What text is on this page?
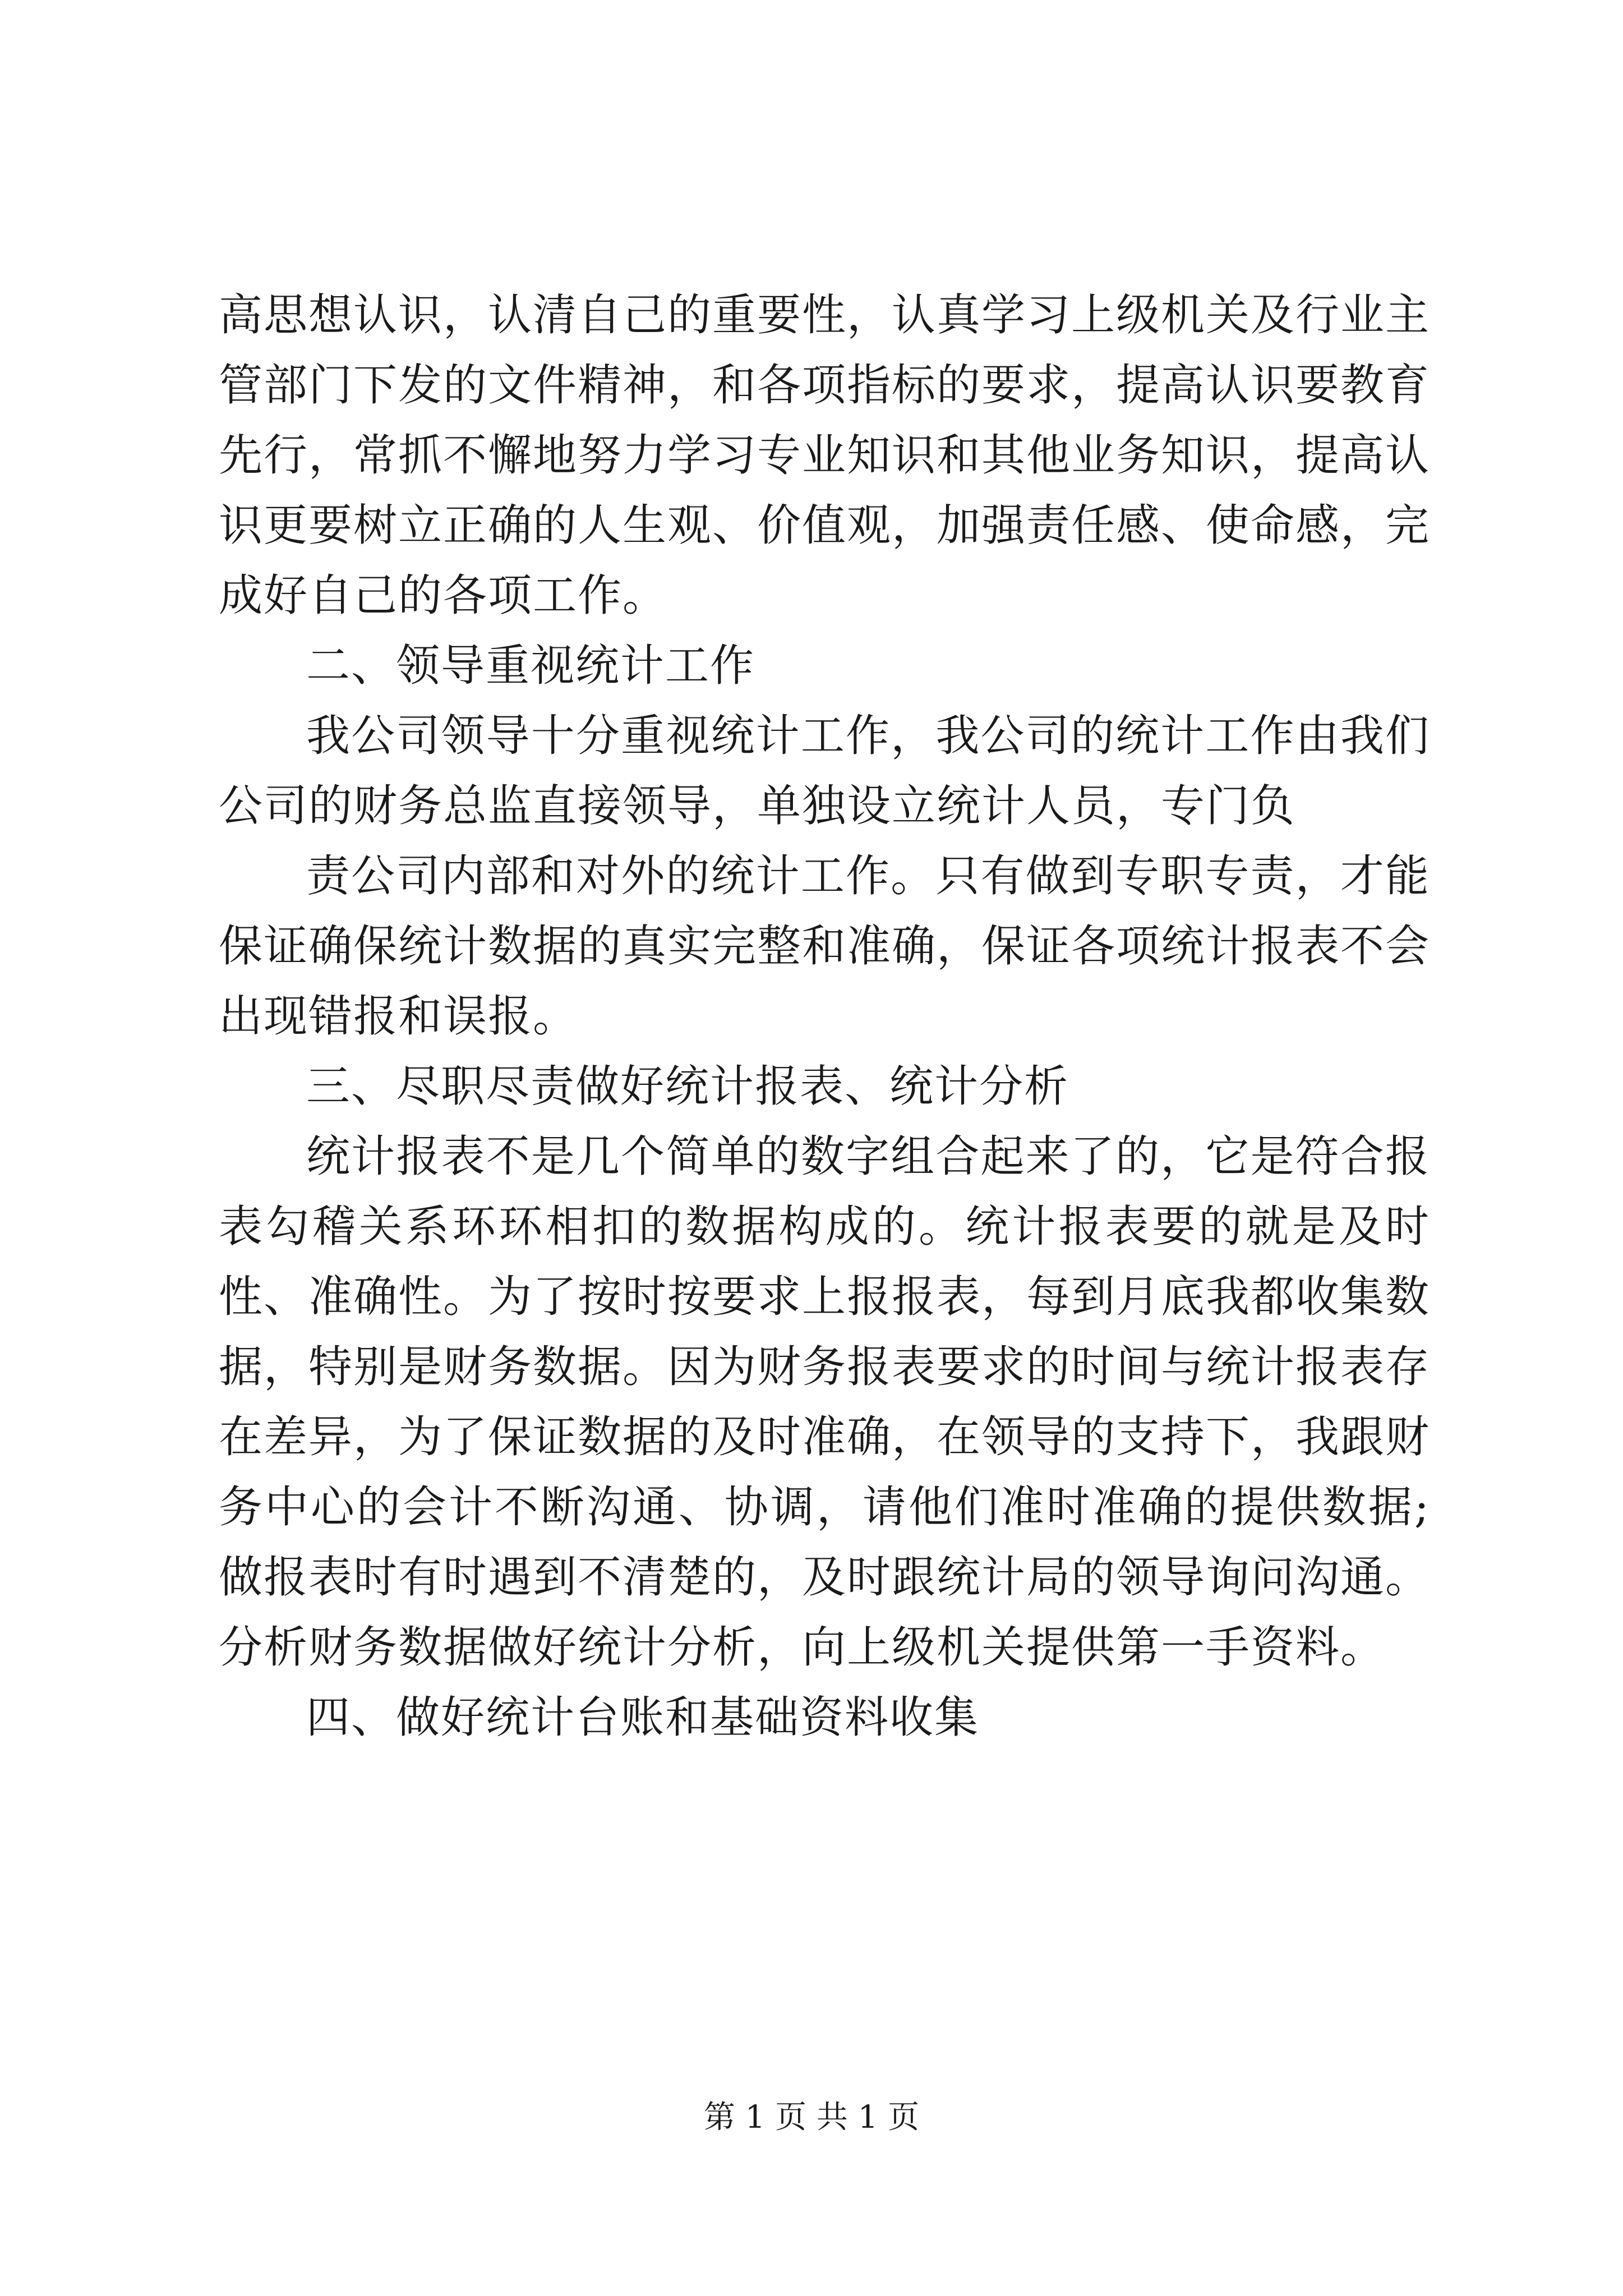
高思想认识，认清自己的重要性，认真学习上级机关及行业主管部门下发的文件精神，和各项指标的要求，提高认识要教育先行，常抓不懈地努力学习专业知识和其他业务知识，提高认识更要树立正确的人生观、价值观，加强责任感、使命感，完成好自己的各项工作。

二、领导重视统计工作

我公司领导十分重视统计工作，我公司的统计工作由我们公司的财务总监直接领导，单独设立统计人员，专门负

责公司内部和对外的统计工作。只有做到专职专责，才能保证确保统计数据的真实完整和准确，保证各项统计报表不会出现错报和误报。

三、尽职尽责做好统计报表、统计分析

统计报表不是几个简单的数字组合起来了的，它是符合报表勾稽关系环环相扣的数据构成的。统计报表要的就是及时性、准确性。为了按时按要求上报报表，每到月底我都收集数据，特别是财务数据。因为财务报表要求的时间与统计报表存在差异，为了保证数据的及时准确，在领导的支持下，我跟财务中心的会计不断沟通、协调，请他们准时准确的提供数据;做报表时有时遇到不清楚的，及时跟统计局的领导询问沟通。分析财务数据做好统计分析，向上级机关提供第一手资料。

四、做好统计台账和基础资料收集

第 1 页 共 1 页
